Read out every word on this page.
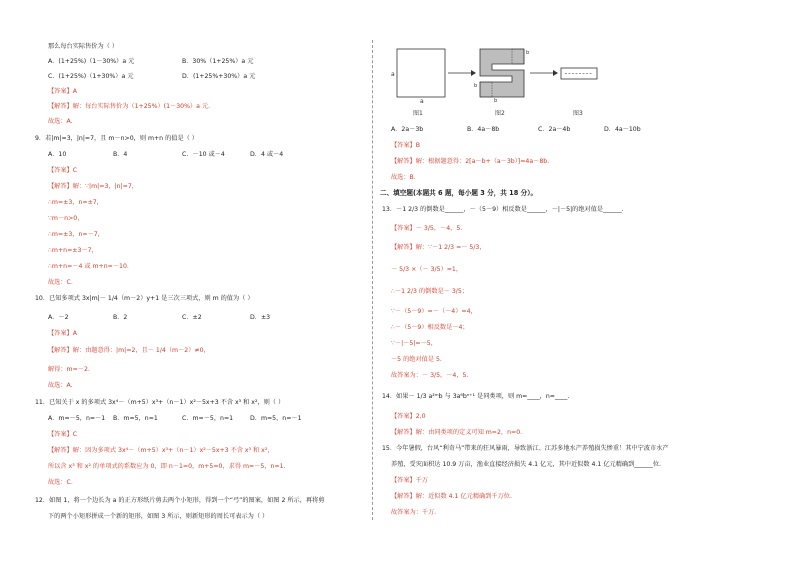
那么每台实际售价为（ ）
A．(1+25%)（1－30%）a 元	B．30%（1+25%）a 元
C．(1+25%)（1+30%）a 元	D．(1+25%+30%）a 元
【答案】A
【解答】解：每台实际售价为（1+25%）(1－30%）a 元.
故选：A.
9．若|m|=3，|n|=7，且 m－n>0，则 m+n 的值是（ ）
A．10	B．4	C．－10 或－4	D．4 或－4
【答案】C
【解答】解：∵|m|=3，|n|=7，
∴m=±3，n=±7，
∵m－n>0，
∴m=±3，n=－7，
∴m+n=±3－7，
∴m+n=－4 或 m+n=－10.
故选：C.
10．已知多项式 3x|m|－ 1/4（m－2）y+1 是三次三项式，则 m 的值为（ ）
A．－2	B．2	C．±2	D．±3
【答案】A
【解答】解：由题意得：|m|=2，且－ 1/4（m－2）≠0，
解得：m=－2.
故选：A.
11．已知关于 x 的多项式 3x⁴－（m+5）x³+（n－1）x²－5x+3 不含 x³ 和 x²，则（ ）
A．m=－5，n=－1 B．m=5，n=1	C．m=－5，n=1	D．m=5，n=－1
【答案】C
【解答】解：因为多项式 3x⁴－（m+5）x³+（n－1）x²－5x+3 不含 x³ 和 x²，
所以含 x³ 和 x² 的单项式的系数应为 0，即 n－1=0，m+5=0，求得 m=－5，n=1.
故选：C.
12．如图 1，将一个边长为 a 的正方形纸片剪去两个小矩形，得到一个“弓”的图案，如图 2 所示，再将剪
下的两个小矩形拼成一个新的矩形，如图 3 所示，则新矩形的周长可表示为（ ）
A．2a－3b	B．4a－8b	C．2a－4b	D．4a－10b
【答案】B
【解答】解：根据题意得：2[a－b+（a－3b）]=4a－8b.
故选：B.
二、填空题(本题共 6 题，每小题 3 分，共 18 分）。
13．－1 2/3 的倒数是______，－（5－9）相反数是______，－|－5|的绝对值是______.
【答案】－ 3/5，－4，5.
【解答】解：∵－1 2/3 =－ 5/3，
－ 5/3 ×（－ 3/5）=1，
∴－1 2/3 的倒数是－ 3/5；
∵－（5－9）=－（－4）=4，
∴－（5－9）相反数是－4；
∵－|－5|=－5，
－5 的绝对值是 5.
故答案为：－ 3/5，－4，5.
14．如果－ 1/3 a²ᵐb 与 3a⁶bⁿ⁺¹ 是同类项，则 m=____，n=____.
【答案】2,0
【解答】解：由同类项的定义可知 m=2，n=0.
15．今年暑假，台风“利奇马”带来的狂风暴雨，导致浙江、江苏多地水产养殖损失惨重！其中宁波市水产
养殖，受灾面积达 10.9 万亩，渔业直接经济损失 4.1 亿元，其中近似数 4.1 亿元精确到______位.
【答案】千万
【解答】解：近似数 4.1 亿元精确到千万位.
故答案为：千万.
a
a
图1
b
b
b
图2	图3
